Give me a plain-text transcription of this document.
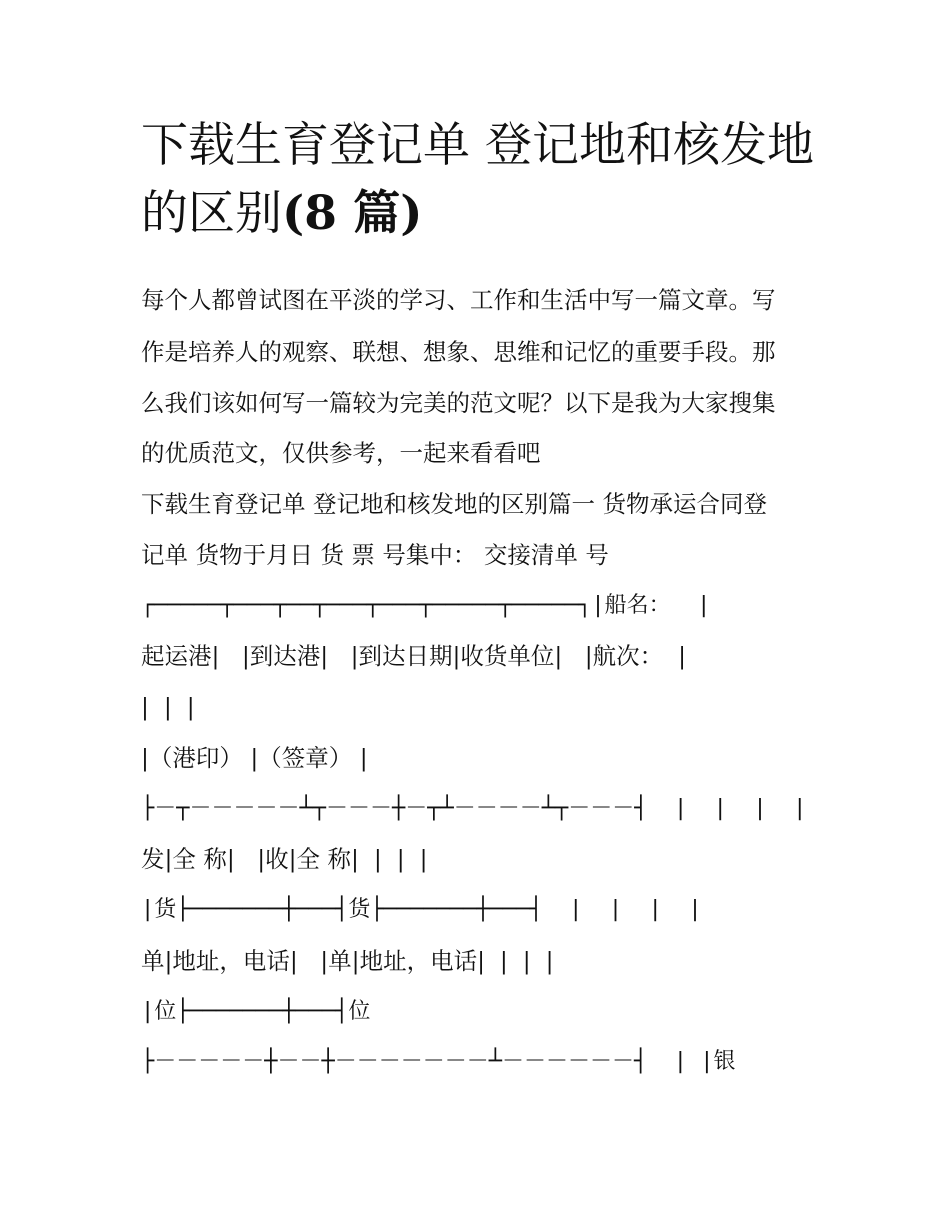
下载生育登记单 登记地和核发地的区别(8 篇)
每个人都曾试图在平淡的学习、工作和生活中写一篇文章。写
作是培养人的观察、联想、想象、思维和记忆的重要手段。那
么我们该如何写一篇较为完美的范文呢？以下是我为大家搜集
的优质范文，仅供参考，一起来看看吧
下载生育登记单 登记地和核发地的区别篇一 货物承运合同登
记单 货物于月日 货 票 号集中： 交接清单 号
┌─────┬───┬──┬───┬───┬─────┬─────┐|船名：  |
起运港|   |到达港|   |到达日期|收货单位|   |航次：  |
|  |  |
|（港印） |（签章） |
├－┬－－－－－┴┬－－－┼－┬┴－－－－┴┬－－－┤  |  |  |  |
发|全 称|   |收|全 称|  |  |  |
|货├───────┼───┤货├───────┼───┤  |  |  |  |
单|地址，电话|   |单|地址，电话|  |  |  |
|位├───────┼───┤位
├－－－－－┼－－┼－－－－－－－┴－－－－－－┤  | |银
